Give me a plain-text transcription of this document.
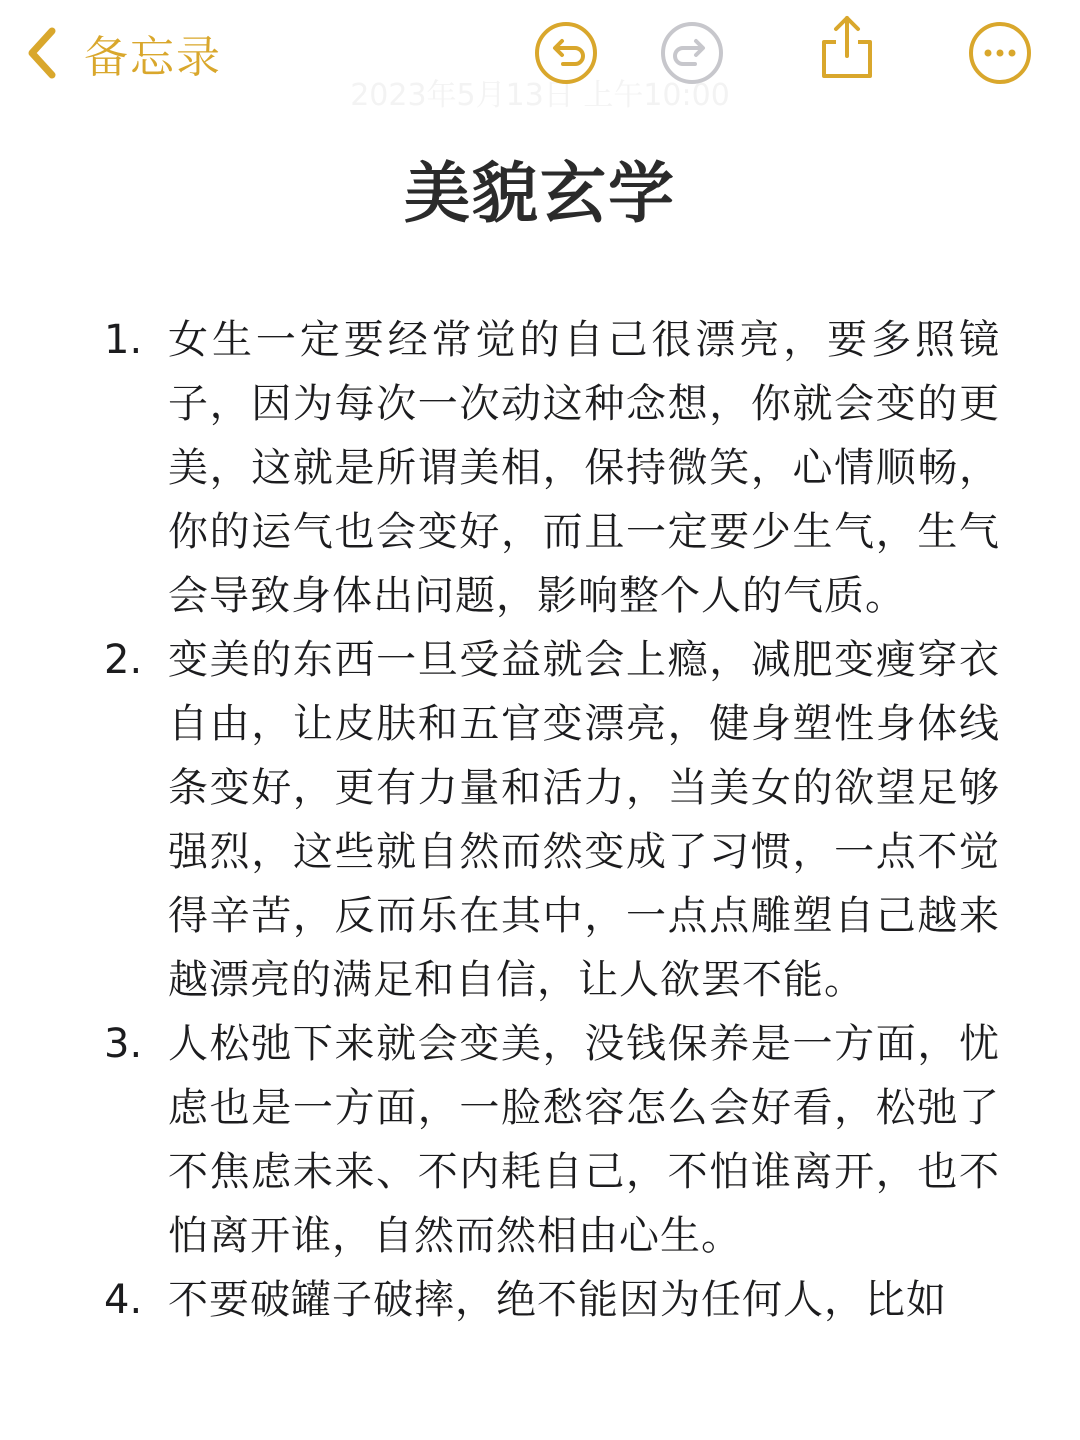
备忘录
2023年5月13日 上午10:00
美貌玄学
1. 女生一定要经常觉的自己很漂亮，要多照镜子，因为每次一次动这种念想，你就会变的更美，这就是所谓美相，保持微笑，心情顺畅，你的运气也会变好，而且一定要少生气，生气会导致身体出问题，影响整个人的气质。
2. 变美的东西一旦受益就会上瘾，减肥变瘦穿衣自由，让皮肤和五官变漂亮，健身塑性身体线条变好，更有力量和活力，当美女的欲望足够强烈，这些就自然而然变成了习惯，一点不觉得辛苦，反而乐在其中，一点点雕塑自己越来越漂亮的满足和自信，让人欲罢不能。
3. 人松弛下来就会变美，没钱保养是一方面，忧虑也是一方面，一脸愁容怎么会好看，松弛了不焦虑未来、不内耗自己，不怕谁离开，也不怕离开谁，自然而然相由心生。
4. 不要破罐子破摔，绝不能因为任何人，比如
